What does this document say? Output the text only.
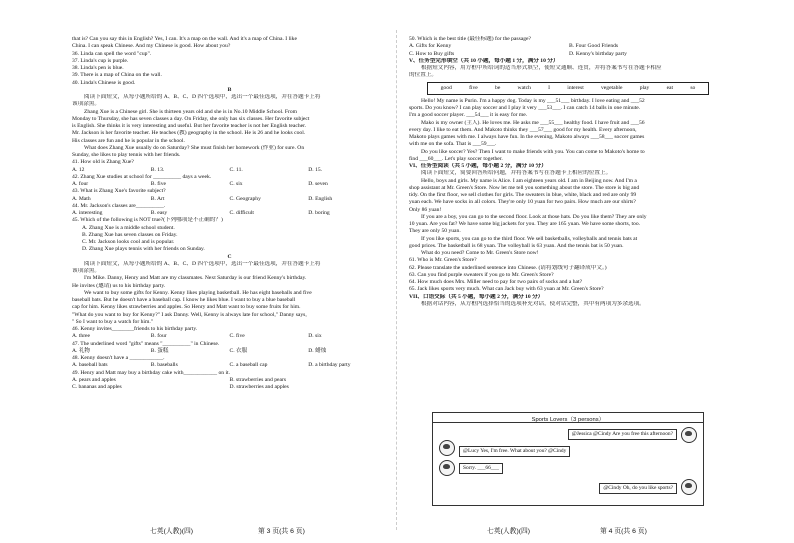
that is? Can you say this in English? Yes, I can. It's a map on the wall. And it's a map of China. I like
China. I can speak Chinese. And my Chinese is good. How about you?
36. Linda can spell the word "cup".
37. Linda's cup is purple.
38. Linda's pen is blue.
39. There is a map of China on the wall.
40. Linda's Chinese is good.
B
阅读下面短文，从每小题所给的 A、B、C、D 四个选项中，选出一个最佳选项，并在答题卡上将
该项涂黑。
Zhang Xue is a Chinese girl. She is thirteen years old and she is in No.10 Middle School. From
Monday to Thursday, she has seven classes a day. On Friday, she only has six classes. Her favorite subject
is English. She thinks it is very interesting and useful. But her favorite teacher is not her English teacher.
Mr. Jackson is her favorite teacher. He teaches (教) geography in the school. He is 26 and he looks cool.
His classes are fun and he is popular in the school.
What does Zhang Xue usually do on Saturday? She must finish her homework (作业) for sure. On
Sunday, she likes to play tennis with her friends.
41. How old is Zhang Xue?
A. 12	B. 13.	C. 11.	D. 15.
42. Zhang Xue studies at school for __________ days a week.
A. four	B. five	C. six	D. seven
43. What is Zhang Xue's favorite subject?
A. Math	B. Art	C. Geography	D. English
44. Mr. Jackson's classes are__________.
A. interesting	B. easy	C. difficult	D. boring
45. Which of the following is NOT true?(下列哪项是不正确的？)
A. Zhang Xue is a middle school student.
B. Zhang Xue has seven classes on Friday.
C. Mr. Jackson looks cool and is popular.
D. Zhang Xue plays tennis with her friends on Sunday.
C
阅读下面短文，从每小题所给的 A、B、C、D 四个选项中，选出一个最佳选项，并在答题卡上将
该项涂黑。
I'm Mike. Danny, Henry and Matt are my classmates. Next Saturday is our friend Kenny's birthday.
He invites (邀请) us to his birthday party.
We want to buy some gifts for Kenny. Kenny likes playing basketball. He has eight baseballs and five
baseball bats. But he doesn't have a baseball cap. I know he likes blue. I want to buy a blue baseball
cap for him. Kenny likes strawberries and apples. So Henry and Matt want to buy some fruits for him.
"What do you want to buy for Kenny?" I ask Danny. Well, Kenny is always late for school," Danny says,
" So I want to buy a watch for him."
46. Kenny invites________friends to his birthday party.
A. three	B. four	C. five	D. six
47. The underlined word "gifts" means "__________" in Chinese.
A. 礼物	B. 蛋糕	C. 衣服	D. 蜡烛
48. Kenny doesn't have a ____________.
A. baseball bats	B. baseballs	C. a baseball cap	D. a birthday party
49. Henry and Matt may buy a birthday cake with____________ on it.
A. pears and apples	B. strawberries and pears
C. bananas and apples	D. strawberries and apples
七英(人教)(四)	第 3 页(共 6 页)
50. Which is the best title (最佳标题) for the passage?
A. Gifts for Kenny	B. Four Good Friends
C. How to Buy gifts	D. Kenny's birthday party
V、任务型完形填空（共 10 小题，每小题 1 分，满分 10 分）
根据短文内容，用方框中所给词的适当形式填空，使短文通顺、连贯，并将答案书写在答题卡相应
的位置上。
good	five	be	watch	I	interest	vegetable	play	eat	so
Hello! My name is Purin. I'm a happy dog. Today is my ___51___ birthday. I love eating and ___52
sports. Do you know? I can play soccer and I play it very ___53___. I can catch 14 balls in one minute.
I'm a good soccer player. ___54___ it is easy for me.
Mako is my owner (主人). He loves me. He asks me ___55___ healthy food. I have fruit and ___56
every day. I like to eat them. And Makoto thinks they ___57___ good for my health. Every afternoon,
Makoto plays games with me. I always have fun. In the evening, Makoto always ___58___ soccer games
with me on the sofa. That is ___59___.
Do you like soccer? Yes? Then I want to make friends with you. You can come to Makoto's home to
find ___60___. Let's play soccer together.
VI、任务型阅读（共 5 小题，每小题 2 分，满分 10 分）
阅读下面短文，简要回答所给问题，并将答案书写在答题卡上相应的位置上。
Hello, boys and girls. My name is Alice. I am eighteen years old. I am in Beijing now. And I'm a
shop assistant at Mr. Green's Store. Now let me tell you something about the store. The store is big and
tidy. On the first floor, we sell clothes for girls. The sweaters in blue, white, black and red are only 99
yuan each. We have socks in all colors. They're only 10 yuan for two pairs. How much are our shirts?
Only 86 yuan!
If you are a boy, you can go to the second floor. Look at those hats. Do you like them? They are only
10 yuan. Are you fat? We have some big jackets for you. They are 165 yuan. We have some shorts, too.
They are only 50 yuan.
If you like sports, you can go to the third floor. We sell basketballs, volleyballs and tennis bats at
good prices. The basketball is 68 yuan. The volleyball is 63 yuan. And the tennis bat is 50 yuan.
What do you need? Come to Mr. Green's Store now!
61. Who is Mr. Green's Store?
62. Please translate the underlined sentence into Chinese. (请将划线句子翻译成中文。)
63. Can you find purple sweaters if you go to Mr. Green's Store?
64. How much does Mrs. Miller need to pay for two pairs of socks and a hat?
65. Jack likes sports very much. What can Jack buy with 63 yuan at Mr. Green's Store?
VII、口语交际（共 5 小题，每小题 2 分，满分 10 分）
根据对话内容，从方框内选择恰当的选项补充对话，使对话完整，其中有两项为多余选项。
Sports Lovers（3 persons）
@Jessica @Cindy Are you free this afternoon?
@Lucy Yes, I'm free. What about you? @Cindy
Sorry. ___66___
@Cindy Oh, do you like sports?
七英(人教)(四)	第 4 页(共 6 页)
